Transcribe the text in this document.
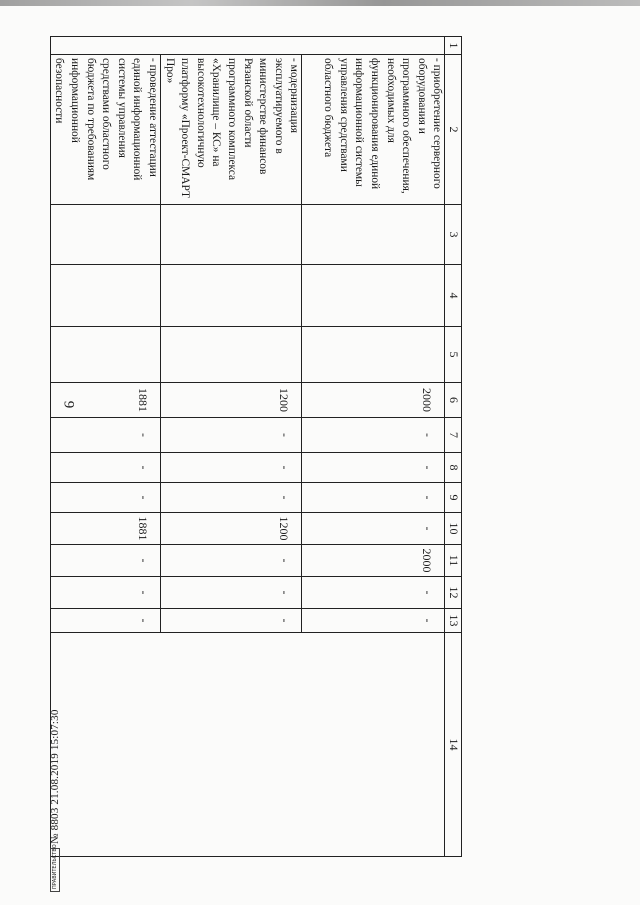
9
1	2	3	4	5	6	7	8	9	10	11	12	13	14
	- приобретение серверного оборудования и программного обеспечения, необходимых для функционирования единой информационной системы управления средствами областного бюджета				2000	-	-	-	-	2000	-	-	
	- модернизация эксплуатируемого в министерстве финансов Рязанской области программного комплекса «Хранилище – КС» на высокотехнологичную платформу «Проект-СМАРТ Про»				1200	-	-	-	1200	-	-	-	
	- проведение аттестации единой информационной системы управления средствами областного бюджета по требованиям информационной безопасности				1881	-	-	-	1881	-	-	-	
ПРАВИТЕЛЬСТВО
№ 8803 21.08.2019 15:07:30
